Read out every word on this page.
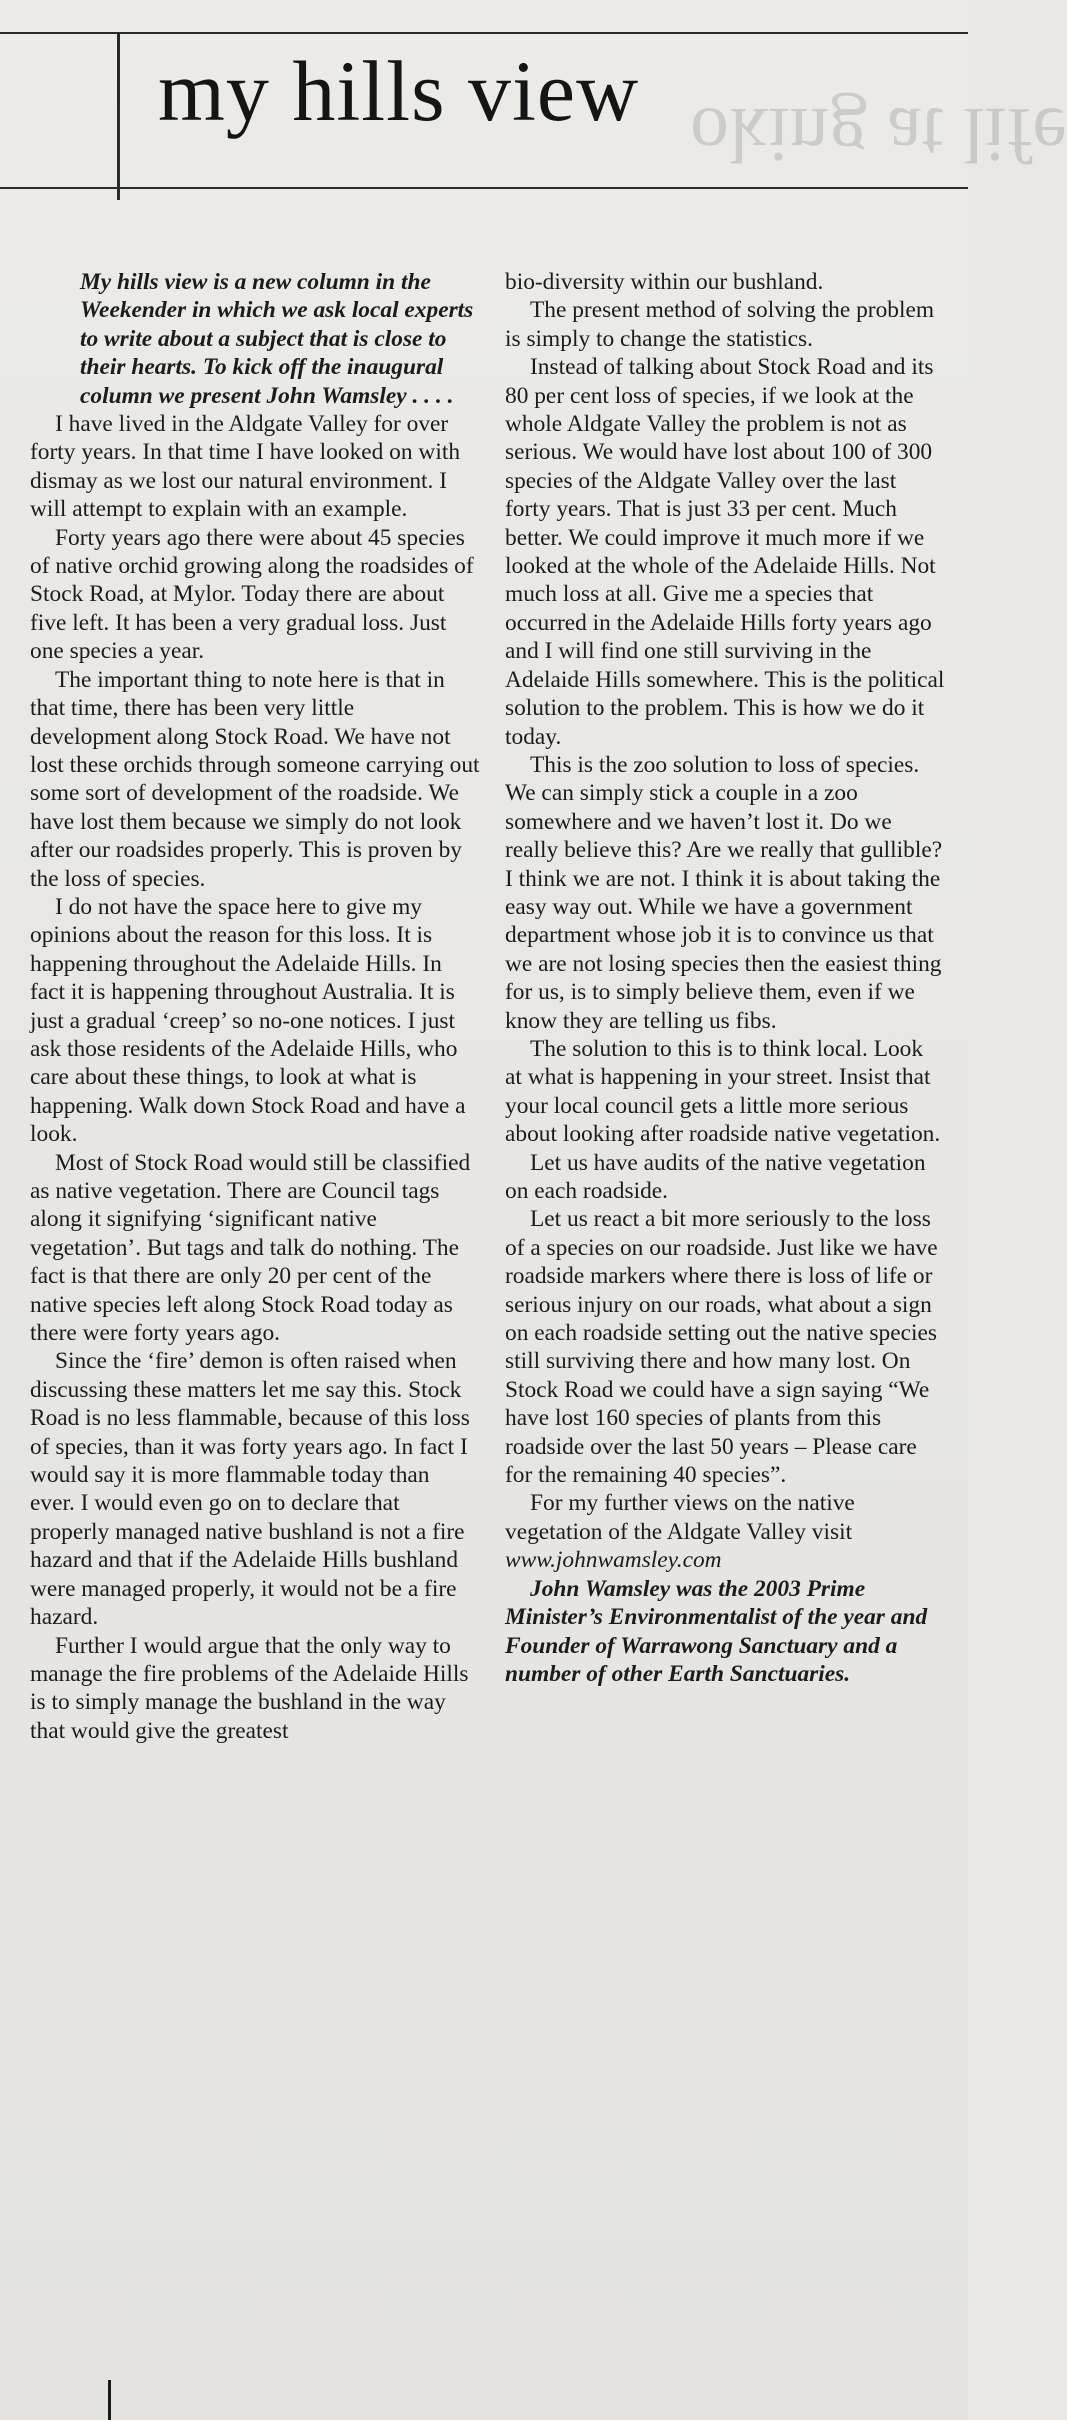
my hills view oking at life

My hills view is a new column in the Weekender in which we ask local experts to write about a subject that is close to their hearts. To kick off the inaugural column we present John Wamsley . . . .

I have lived in the Aldgate Valley for over forty years. In that time I have looked on with dismay as we lost our natural environment. I will attempt to explain with an example.

Forty years ago there were about 45 species of native orchid growing along the roadsides of Stock Road, at Mylor. Today there are about five left. It has been a very gradual loss. Just one species a year.

The important thing to note here is that in that time, there has been very little development along Stock Road. We have not lost these orchids through someone carrying out some sort of development of the roadside. We have lost them because we simply do not look after our roadsides properly. This is proven by the loss of species.

I do not have the space here to give my opinions about the reason for this loss. It is happening throughout the Adelaide Hills. In fact it is happening throughout Australia. It is just a gradual ‘creep’ so no-one notices. I just ask those residents of the Adelaide Hills, who care about these things, to look at what is happening. Walk down Stock Road and have a look.

Most of Stock Road would still be classified as native vegetation. There are Council tags along it signifying ‘significant native vegetation’. But tags and talk do nothing. The fact is that there are only 20 per cent of the native species left along Stock Road today as there were forty years ago.

Since the ‘fire’ demon is often raised when discussing these matters let me say this. Stock Road is no less flammable, because of this loss of species, than it was forty years ago. In fact I would say it is more flammable today than ever. I would even go on to declare that properly managed native bushland is not a fire hazard and that if the Adelaide Hills bushland were managed properly, it would not be a fire hazard.

Further I would argue that the only way to manage the fire problems of the Adelaide Hills is to simply manage the bushland in the way that would give the greatest

bio-diversity within our bushland.

The present method of solving the problem is simply to change the statistics.

Instead of talking about Stock Road and its 80 per cent loss of species, if we look at the whole Aldgate Valley the problem is not as serious. We would have lost about 100 of 300 species of the Aldgate Valley over the last forty years. That is just 33 per cent. Much better. We could improve it much more if we looked at the whole of the Adelaide Hills. Not much loss at all. Give me a species that occurred in the Adelaide Hills forty years ago and I will find one still surviving in the Adelaide Hills somewhere. This is the political solution to the problem. This is how we do it today.

This is the zoo solution to loss of species. We can simply stick a couple in a zoo somewhere and we haven’t lost it. Do we really believe this? Are we really that gullible? I think we are not. I think it is about taking the easy way out. While we have a government department whose job it is to convince us that we are not losing species then the easiest thing for us, is to simply believe them, even if we know they are telling us fibs.

The solution to this is to think local. Look at what is happening in your street. Insist that your local council gets a little more serious about looking after roadside native vegetation.

Let us have audits of the native vegetation on each roadside.

Let us react a bit more seriously to the loss of a species on our roadside. Just like we have roadside markers where there is loss of life or serious injury on our roads, what about a sign on each roadside setting out the native species still surviving there and how many lost. On Stock Road we could have a sign saying “We have lost 160 species of plants from this roadside over the last 50 years – Please care for the remaining 40 species”.

For my further views on the native vegetation of the Aldgate Valley visit

www.johnwamsley.com

John Wamsley was the 2003 Prime Minister’s Environmentalist of the year and Founder of Warrawong Sanctuary and a number of other Earth Sanctuaries.
